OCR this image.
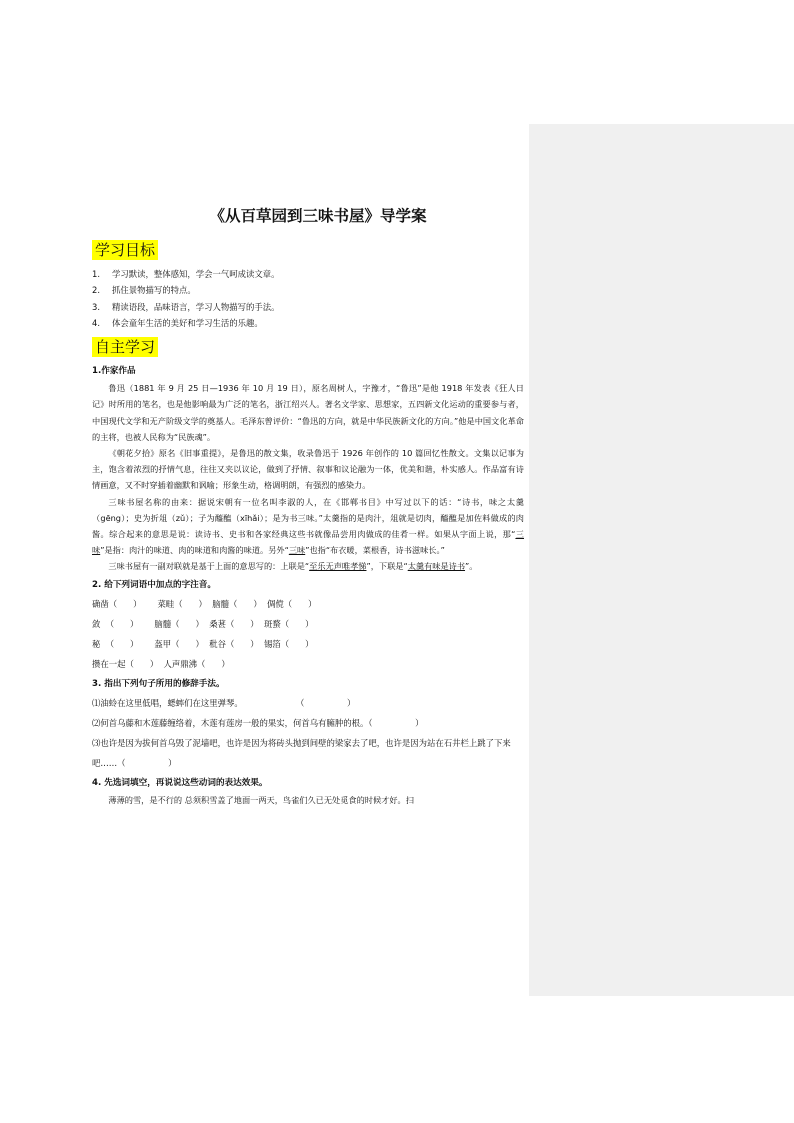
《从百草园到三味书屋》导学案
学习目标
1.	学习默读，整体感知，学会一气呵成读文章。
2.	抓住景物描写的特点。
3.	精读语段，品味语言，学习人物描写的手法。
4.	体会童年生活的美好和学习生活的乐趣。
自主学习

1.作家作品

鲁迅（1881 年 9 月 25 日—1936 年 10 月 19 日），原名周树人，字豫才，“鲁迅”是他 1918 年发表《狂人日记》时所用的笔名，也是他影响最为广泛的笔名，浙江绍兴人。著名文学家、思想家，五四新文化运动的重要参与者，中国现代文学和无产阶级文学的奠基人。毛泽东曾评价：“鲁迅的方向，就是中华民族新文化的方向。”他是中国文化革命的主将，也被人民称为“民族魂”。

《朝花夕拾》原名《旧事重提》，是鲁迅的散文集，收录鲁迅于 1926 年创作的 10 篇回忆性散文。文集以记事为主，饱含着浓烈的抒情气息，往往又夹以议论，做到了抒情、叙事和议论融为一体，优美和谐，朴实感人。作品富有诗情画意，又不时穿插着幽默和讽喻；形象生动，格调明朗，有强烈的感染力。

三味书屋名称的由来：据说宋朝有一位名叫李淑的人，在《邯郸书目》中写过以下的话：“诗书，味之太羹（gēng）；史为折俎（zǔ）；子为醯醢（xīhǎi）；是为书三味。”太羹指的是肉汁，俎就是切肉，醯醢是加佐料做成的肉酱。综合起来的意思是说：读诗书、史书和各家经典这些书就像品尝用肉做成的佳肴一样。如果从字面上说，那“三味”是指：肉汁的味道、肉的味道和肉酱的味道。另外“三味”也指“布衣暖，菜根香，诗书滋味长。”

三味书屋有一副对联就是基于上面的意思写的：上联是“至乐无声唯孝悌”，下联是“太羹有味是诗书”。

2. 给下列词语中加点的字注音。

确凿（      ）      菜畦（      ）  脑髓（      ）  倜傥（      ）
敛  （      ）      脑髓（      ）  桑葚（      ）  斑蝥（      ）
秘  （      ）      盔甲（      ）  秕谷（      ）  锡箔（      ）
攒在一起（      ）  人声鼎沸（      ）

3. 指出下列句子所用的修辞手法。

⑴油蛉在这里低唱，蟋蟀们在这里弹琴。                    （                ）

⑵何首乌藤和木莲藤缠络着，木莲有莲房一般的果实，何首乌有臃肿的根。（                ）

⑶也许是因为拔何首乌毁了泥墙吧，也许是因为将砖头抛到间壁的梁家去了吧，也许是因为站在石井栏上跳了下来吧……（                ）

4. 先选词填空，再说说这些动词的表达效果。

薄薄的雪，是不行的 总须积雪盖了地面一两天，鸟雀们久已无处觅食的时候才好。扫
